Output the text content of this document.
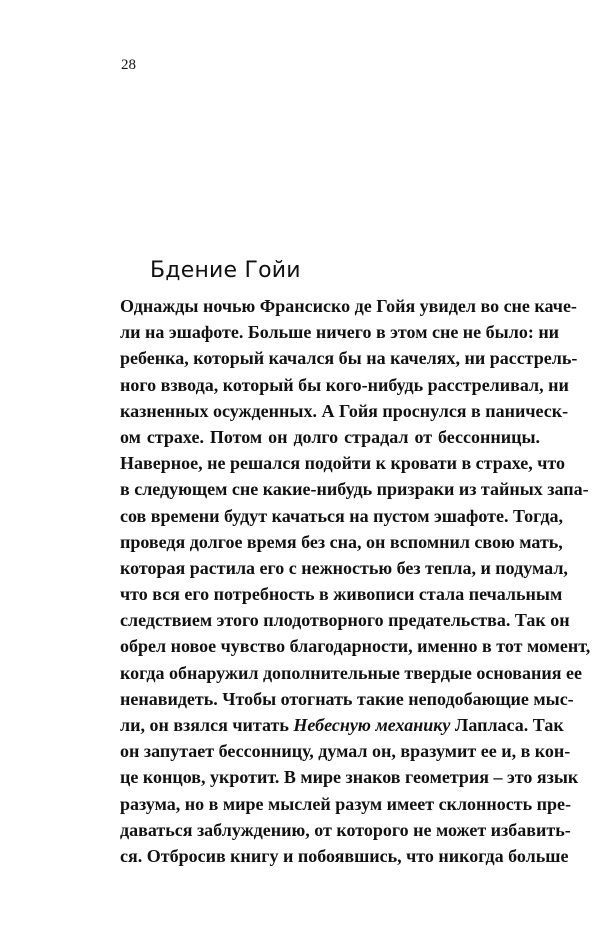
28
Бдение Гойи
Однажды ночью Франсиско де Гойя увидел во сне каче-
ли на эшафоте. Больше ничего в этом сне не было: ни
ребенка, который качался бы на качелях, ни расстрель-
ного взвода, который бы кого-нибудь расстреливал, ни
казненных осужденных. А Гойя проснулся в паническ-
ом страхе. Потом он долго страдал от бессонницы.
Наверное, не решался подойти к кровати в страхе, что
в следующем сне какие-нибудь призраки из тайных запа-
сов времени будут качаться на пустом эшафоте. Тогда,
проведя долгое время без сна, он вспомнил свою мать,
которая растила его с нежностью без тепла, и подумал,
что вся его потребность в живописи стала печальным
следствием этого плодотворного предательства. Так он
обрел новое чувство благодарности, именно в тот момент,
когда обнаружил дополнительные твердые основания ее
ненавидеть. Чтобы отогнать такие неподобающие мыс-
ли, он взялся читать Небесную механику Лапласа. Так
он запутает бессонницу, думал он, вразумит ее и, в кон-
це концов, укротит. В мире знаков геометрия – это язык
разума, но в мире мыслей разум имеет склонность пре-
даваться заблуждению, от которого не может избавить-
ся. Отбросив книгу и побоявшись, что никогда больше
